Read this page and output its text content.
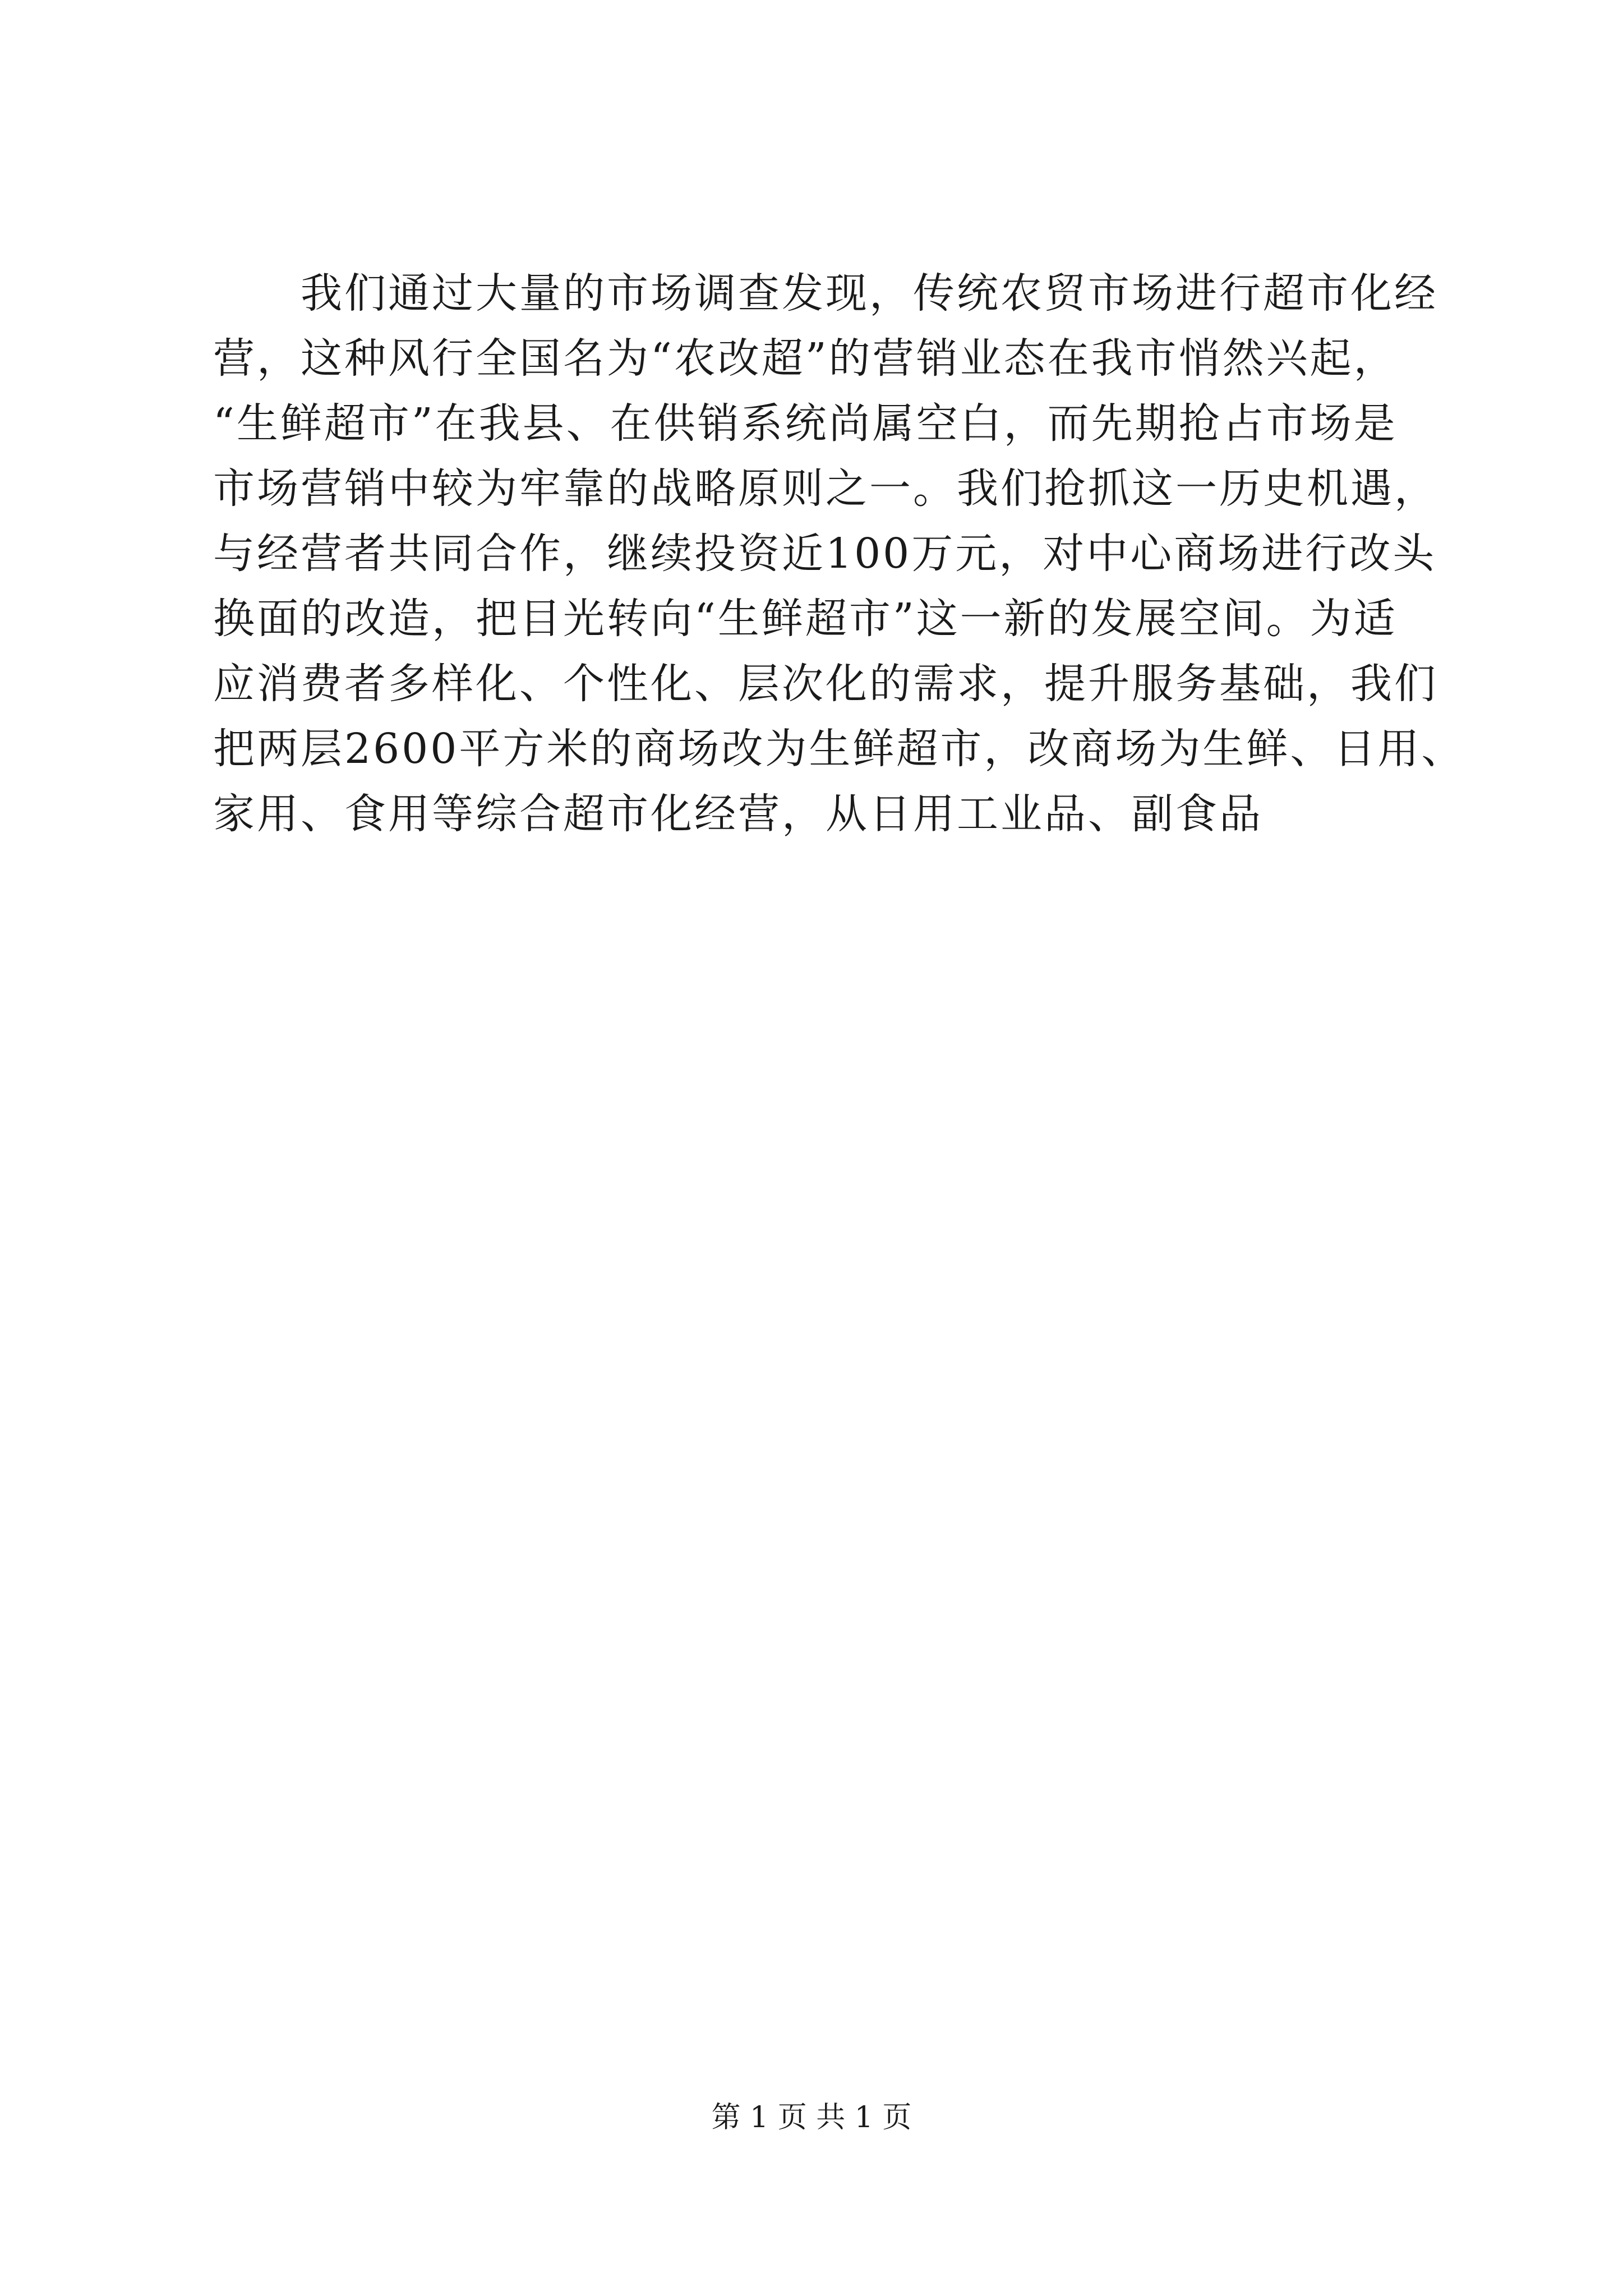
　　我们通过大量的市场调查发现，传统农贸市场进行超市化经
营，这种风行全国名为“农改超”的营销业态在我市悄然兴起，
“生鲜超市”在我县、在供销系统尚属空白，而先期抢占市场是
市场营销中较为牢靠的战略原则之一。我们抢抓这一历史机遇，
与经营者共同合作，继续投资近100万元，对中心商场进行改头
换面的改造，把目光转向“生鲜超市”这一新的发展空间。为适
应消费者多样化、个性化、层次化的需求，提升服务基础，我们
把两层2600平方米的商场改为生鲜超市，改商场为生鲜、日用、
家用、食用等综合超市化经营，从日用工业品、副食品
第 1 页 共 1 页
